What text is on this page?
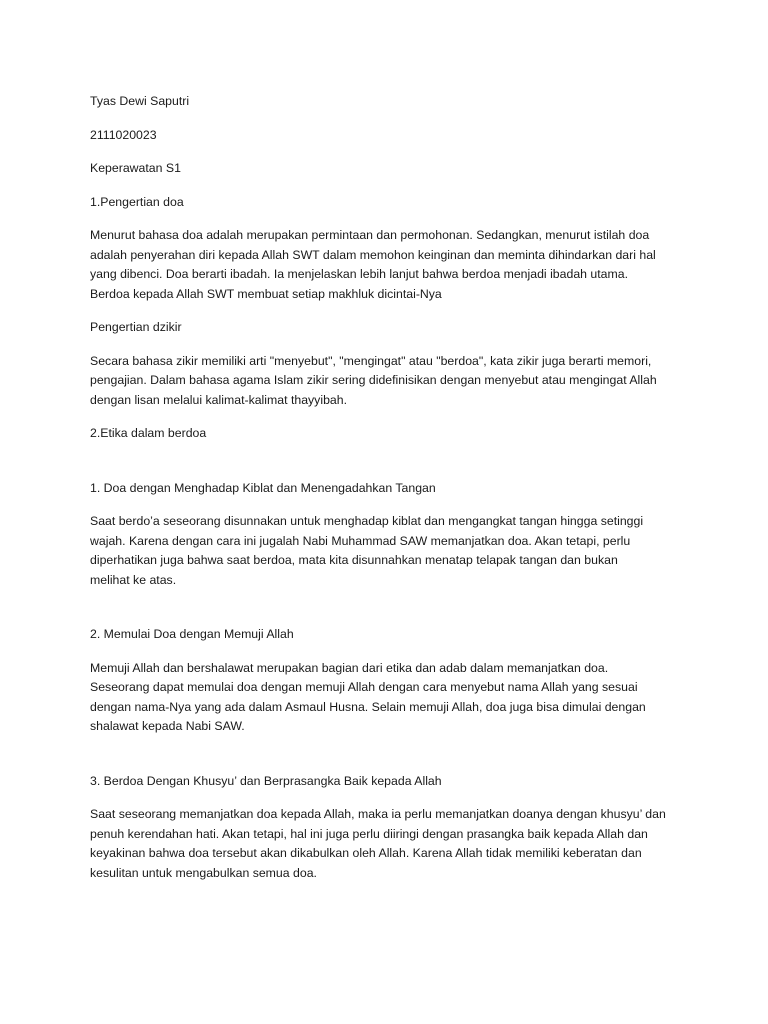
Tyas Dewi Saputri

2111020023

Keperawatan S1

1.Pengertian doa

Menurut bahasa doa adalah merupakan permintaan dan permohonan. Sedangkan, menurut istilah doa
adalah penyerahan diri kepada Allah SWT dalam memohon keinginan dan meminta dihindarkan dari hal
yang dibenci. Doa berarti ibadah. Ia menjelaskan lebih lanjut bahwa berdoa menjadi ibadah utama.
Berdoa kepada Allah SWT membuat setiap makhluk dicintai-Nya

Pengertian dzikir

Secara bahasa zikir memiliki arti "menyebut", "mengingat" atau "berdoa", kata zikir juga berarti memori,
pengajian. Dalam bahasa agama Islam zikir sering didefinisikan dengan menyebut atau mengingat Allah
dengan lisan melalui kalimat-kalimat thayyibah.

2.Etika dalam berdoa

1. Doa dengan Menghadap Kiblat dan Menengadahkan Tangan

Saat berdo’a seseorang disunnakan untuk menghadap kiblat dan mengangkat tangan hingga setinggi
wajah. Karena dengan cara ini jugalah Nabi Muhammad SAW memanjatkan doa. Akan tetapi, perlu
diperhatikan juga bahwa saat berdoa, mata kita disunnahkan menatap telapak tangan dan bukan
melihat ke atas.

2. Memulai Doa dengan Memuji Allah

Memuji Allah dan bershalawat merupakan bagian dari etika dan adab dalam memanjatkan doa.
Seseorang dapat memulai doa dengan memuji Allah dengan cara menyebut nama Allah yang sesuai
dengan nama-Nya yang ada dalam Asmaul Husna. Selain memuji Allah, doa juga bisa dimulai dengan
shalawat kepada Nabi SAW.

3. Berdoa Dengan Khusyu’ dan Berprasangka Baik kepada Allah

Saat seseorang memanjatkan doa kepada Allah, maka ia perlu memanjatkan doanya dengan khusyu’ dan
penuh kerendahan hati. Akan tetapi, hal ini juga perlu diiringi dengan prasangka baik kepada Allah dan
keyakinan bahwa doa tersebut akan dikabulkan oleh Allah. Karena Allah tidak memiliki keberatan dan
kesulitan untuk mengabulkan semua doa.
